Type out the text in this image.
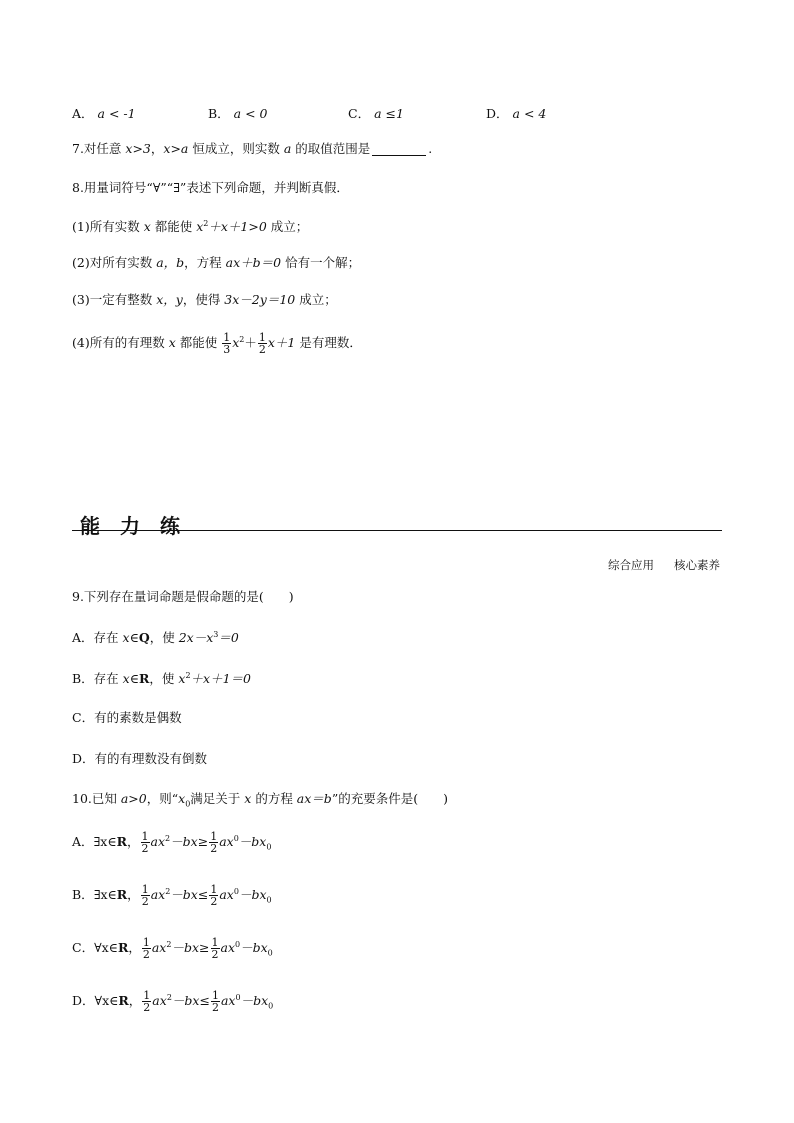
A． a < -1	B． a < 0	C． a ≤1	D． a < 4
7.对任意 x>3，x>a 恒成立，则实数 a 的取值范围是	.
8.用量词符号“∀”“∃”表述下列命题，并判断真假．
(1)所有实数 x 都能使 $x^2+x+1>0$ 成立；
(2)对所有实数 a，b，方程 ax＋b＝0 恰有一个解；
(3)一定有整数 x，y，使得 3x－2y＝10 成立；
(4)所有的有理数 x 都能使 $\frac{1}{3} x^2+ \frac{1}{2} x+1$ 是有理数．
能力练
综合应用 核心素养
9.下列存在量词命题是假命题的是(　　)
A．存在 x∈Q，使 $2x-x^3=0$
B．存在 x∈R，使 $x^2+x+1=0$
C．有的素数是偶数
D．有的有理数没有倒数
10.已知 a>0，则“$x_0$满足关于 x 的方程 ax＝b”的充要条件是(　　)
A．∃x∈R， $\frac{1}{2} ax^2-bx\ge \frac{1}{2} ax^0-bx_0$
B．∃x∈R， $\frac{1}{2} ax^2-bx\le \frac{1}{2} ax^0-bx_0$
C．∀x∈R， $\frac{1}{2} ax^2-bx\ge \frac{1}{2} ax^0-bx_0$
D．∀x∈R， $\frac{1}{2} ax^2-bx\le \frac{1}{2} ax^0-bx_0$
